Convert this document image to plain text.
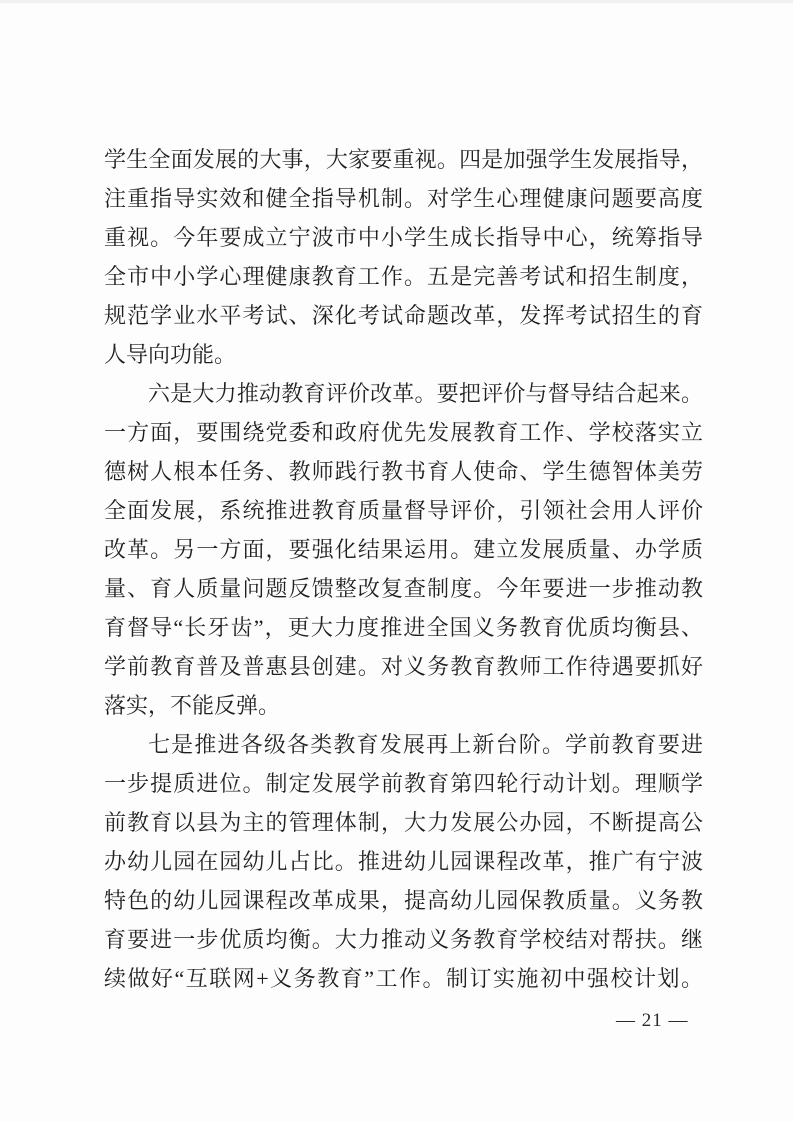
学生全面发展的大事，大家要重视。四是加强学生发展指导，
注重指导实效和健全指导机制。对学生心理健康问题要高度
重视。今年要成立宁波市中小学生成长指导中心，统筹指导
全市中小学心理健康教育工作。五是完善考试和招生制度，
规范学业水平考试、深化考试命题改革，发挥考试招生的育
人导向功能。
六是大力推动教育评价改革。要把评价与督导结合起来。
一方面，要围绕党委和政府优先发展教育工作、学校落实立
德树人根本任务、教师践行教书育人使命、学生德智体美劳
全面发展，系统推进教育质量督导评价，引领社会用人评价
改革。另一方面，要强化结果运用。建立发展质量、办学质
量、育人质量问题反馈整改复查制度。今年要进一步推动教
育督导“长牙齿”，更大力度推进全国义务教育优质均衡县、
学前教育普及普惠县创建。对义务教育教师工作待遇要抓好
落实，不能反弹。
七是推进各级各类教育发展再上新台阶。学前教育要进
一步提质进位。制定发展学前教育第四轮行动计划。理顺学
前教育以县为主的管理体制，大力发展公办园，不断提高公
办幼儿园在园幼儿占比。推进幼儿园课程改革，推广有宁波
特色的幼儿园课程改革成果，提高幼儿园保教质量。义务教
育要进一步优质均衡。大力推动义务教育学校结对帮扶。继
续做好“互联网+义务教育”工作。制订实施初中强校计划。
— 21 —
